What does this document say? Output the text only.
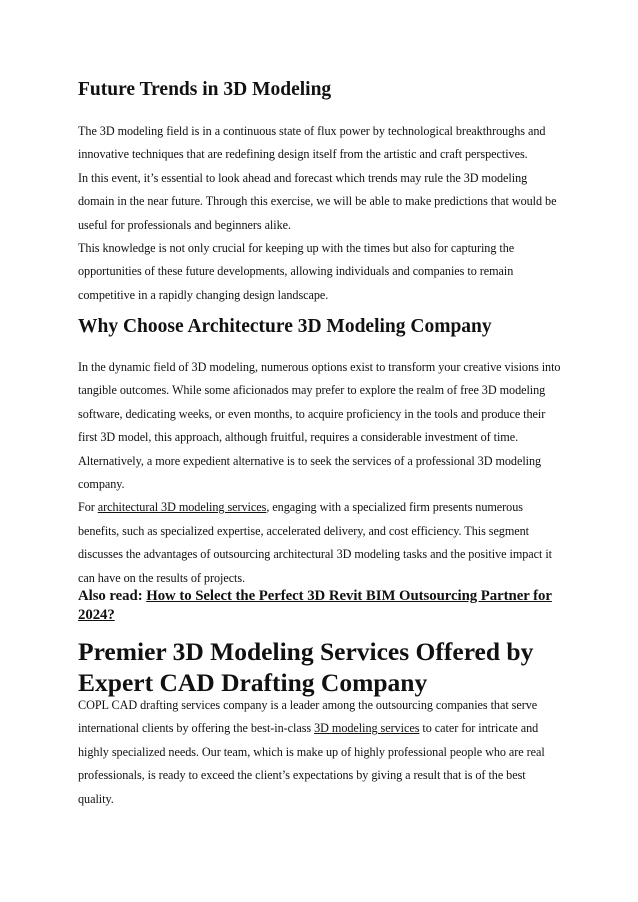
Future Trends in 3D Modeling

The 3D modeling field is in a continuous state of flux power by technological breakthroughs and innovative techniques that are redefining design itself from the artistic and craft perspectives.

In this event, it’s essential to look ahead and forecast which trends may rule the 3D modeling domain in the near future. Through this exercise, we will be able to make predictions that would be useful for professionals and beginners alike.

This knowledge is not only crucial for keeping up with the times but also for capturing the opportunities of these future developments, allowing individuals and companies to remain competitive in a rapidly changing design landscape.

Why Choose Architecture 3D Modeling Company

In the dynamic field of 3D modeling, numerous options exist to transform your creative visions into tangible outcomes. While some aficionados may prefer to explore the realm of free 3D modeling software, dedicating weeks, or even months, to acquire proficiency in the tools and produce their first 3D model, this approach, although fruitful, requires a considerable investment of time. Alternatively, a more expedient alternative is to seek the services of a professional 3D modeling company.

For architectural 3D modeling services, engaging with a specialized firm presents numerous benefits, such as specialized expertise, accelerated delivery, and cost efficiency. This segment discusses the advantages of outsourcing architectural 3D modeling tasks and the positive impact it can have on the results of projects.

Also read: How to Select the Perfect 3D Revit BIM Outsourcing Partner for 2024?

Premier 3D Modeling Services Offered by Expert CAD Drafting Company

COPL CAD drafting services company is a leader among the outsourcing companies that serve international clients by offering the best-in-class 3D modeling services to cater for intricate and highly specialized needs. Our team, which is make up of highly professional people who are real professionals, is ready to exceed the client’s expectations by giving a result that is of the best quality.
